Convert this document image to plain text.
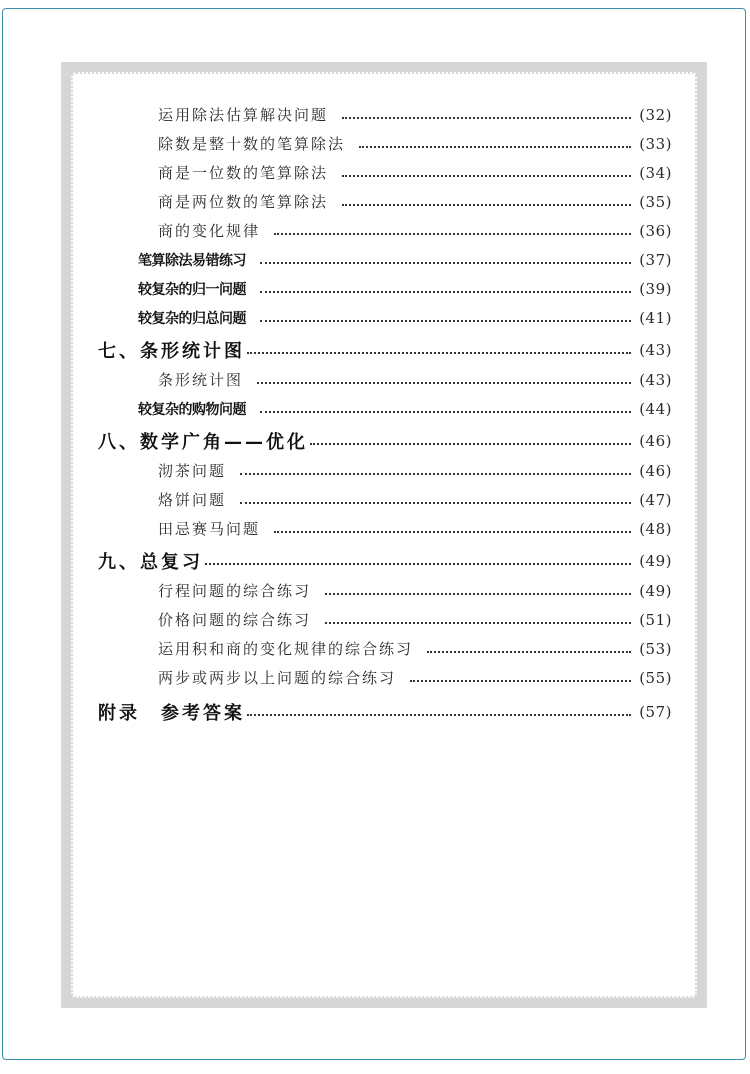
运用除法估算解决问题	(32)
除数是整十数的笔算除法	(33)
商是一位数的笔算除法	(34)
商是两位数的笔算除法	(35)
商的变化规律	(36)
笔算除法易错练习	(37)
较复杂的归一问题	(39)
较复杂的归总问题	(41)
七、条形统计图	(43)
条形统计图	(43)
较复杂的购物问题	(44)
八、数学广角——优化	(46)
沏茶问题	(46)
烙饼问题	(47)
田忌赛马问题	(48)
九、总复习	(49)
行程问题的综合练习	(49)
价格问题的综合练习	(51)
运用积和商的变化规律的综合练习	(53)
两步或两步以上问题的综合练习	(55)
附录　参考答案	(57)
